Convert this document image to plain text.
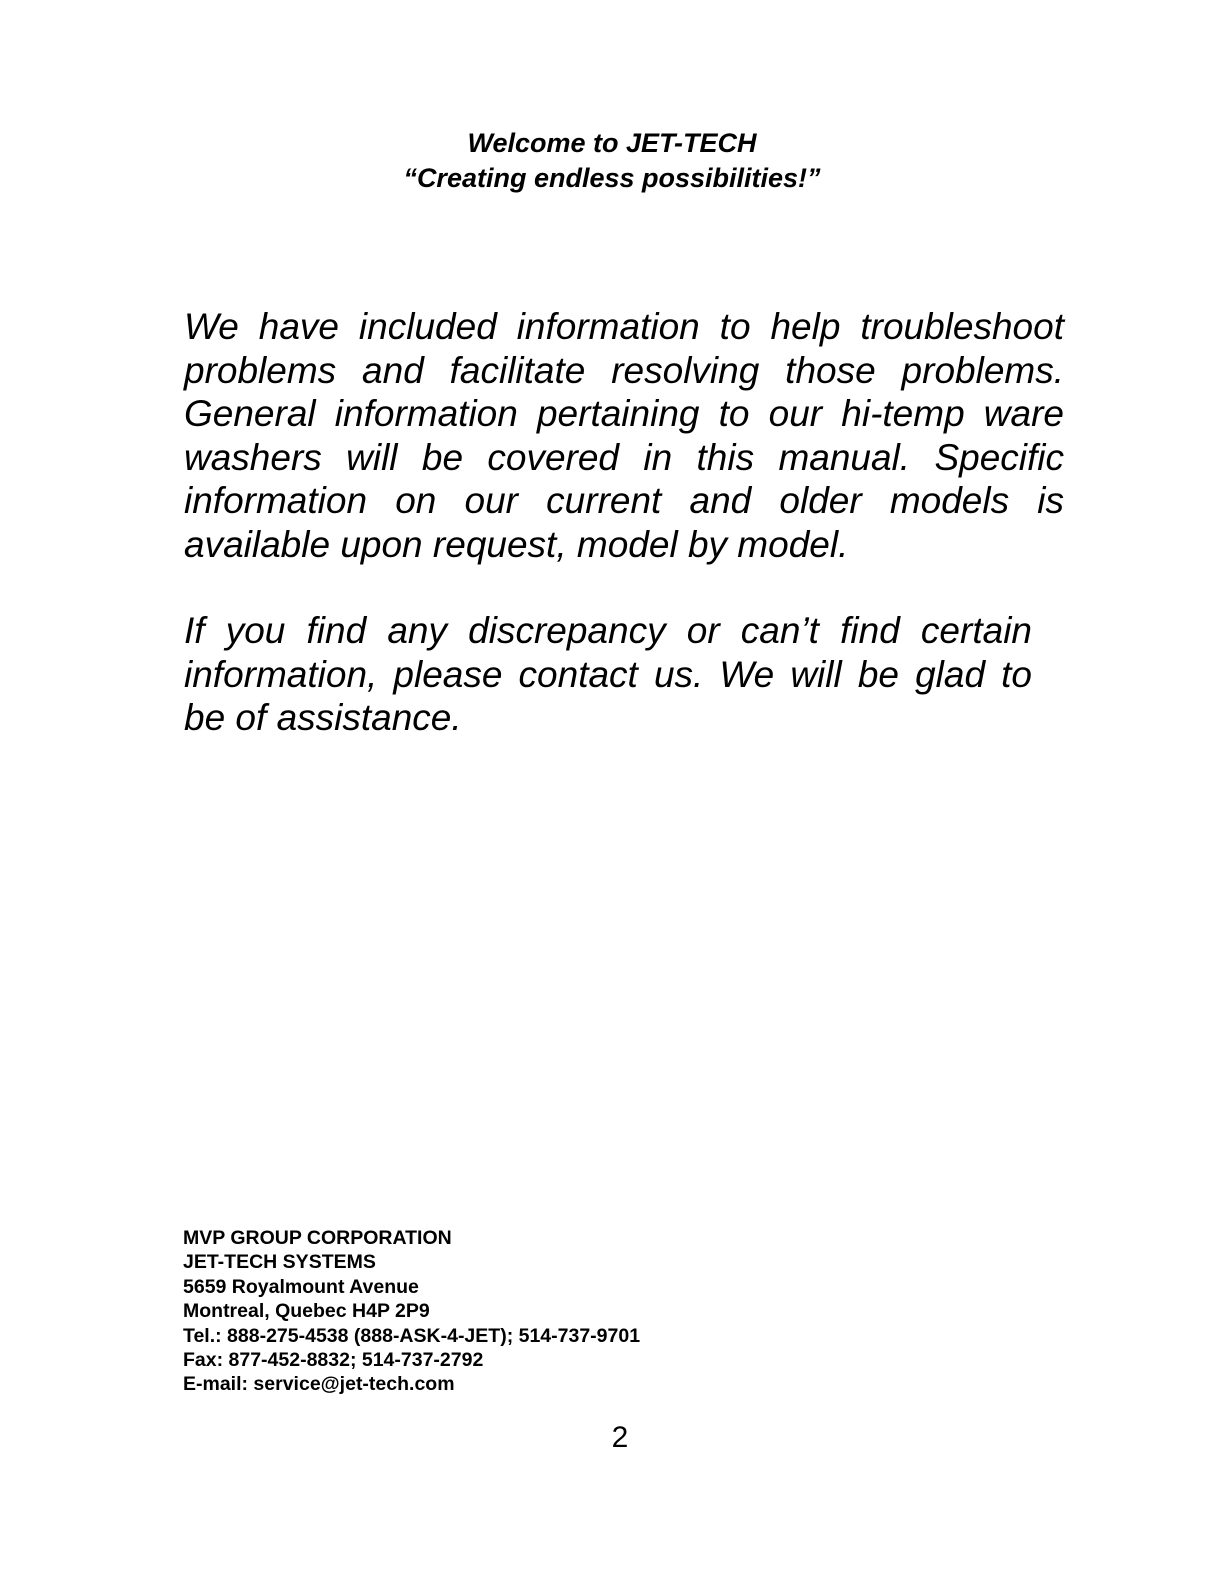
Welcome to JET-TECH
“Creating endless possibilities!”
We have included information to help troubleshoot problems and facilitate resolving those problems. General information pertaining to our hi-temp ware washers will be covered in this manual. Specific information on our current and older models is available upon request, model by model.
If you find any discrepancy or can’t find certain information, please contact us. We will be glad to be of assistance.
MVP GROUP CORPORATION
JET-TECH SYSTEMS
5659 Royalmount Avenue
Montreal, Quebec H4P 2P9
Tel.: 888-275-4538 (888-ASK-4-JET); 514-737-9701
Fax: 877-452-8832; 514-737-2792
E-mail: service@jet-tech.com
2
